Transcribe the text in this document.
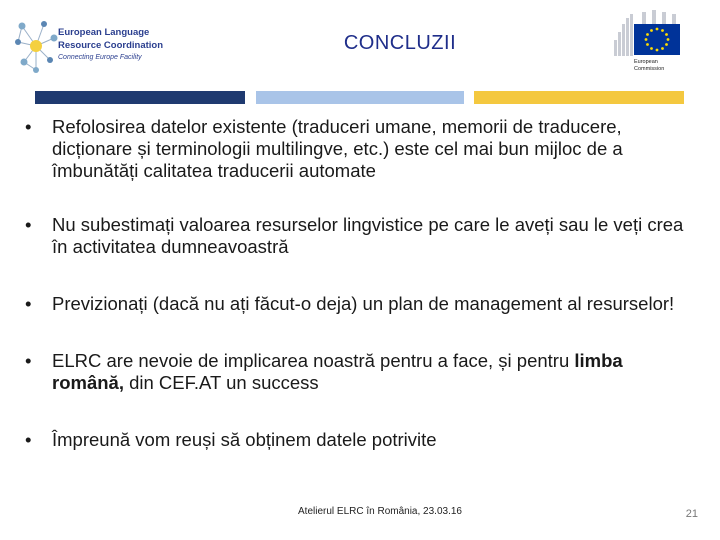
European Language
Resource Coordination
Connecting Europe Facility
CONCLUZII
European
Commission
• Refolosirea datelor existente (traduceri umane, memorii de traducere, dicționare și terminologii multilingve, etc.) este cel mai bun mijloc de a îmbunătăți calitatea traducerii automate
• Nu subestimați valoarea resurselor lingvistice pe care le aveți sau le veți crea în activitatea dumneavoastră
• Previzionați (dacă nu ați făcut-o deja) un plan de management al resurselor!
• ELRC are nevoie de implicarea noastră pentru a face, și pentru limba română, din CEF.AT un success
• Împreună vom reuși să obținem datele potrivite
Atelierul ELRC în România, 23.03.16	21
